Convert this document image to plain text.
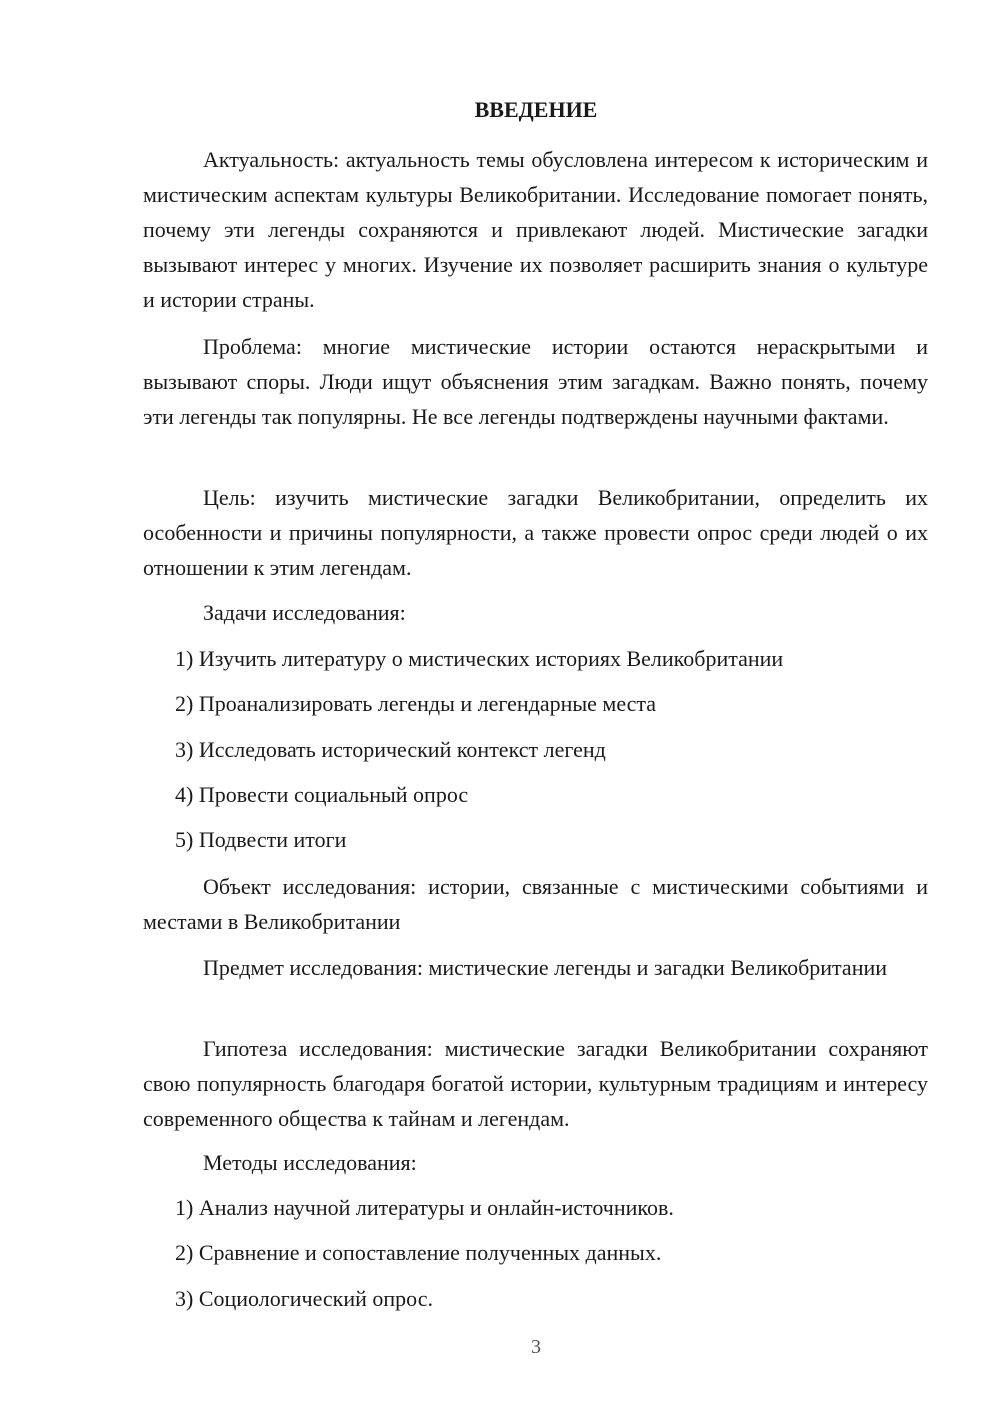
ВВЕДЕНИЕ

Актуальность: актуальность темы обусловлена интересом к историческим и мистическим аспектам культуры Великобритании. Исследование помогает понять, почему эти легенды сохраняются и привлекают людей. Мистические загадки вызывают интерес у многих. Изучение их позволяет расширить знания о культуре и истории страны.

Проблема: многие мистические истории остаются нераскрытыми и вызывают споры. Люди ищут объяснения этим загадкам. Важно понять, почему эти легенды так популярны. Не все легенды подтверждены научными фактами.

Цель: изучить мистические загадки Великобритании, определить их особенности и причины популярности, а также провести опрос среди людей о их отношении к этим легендам.

Задачи исследования:

1) Изучить литературу о мистических историях Великобритании

2) Проанализировать легенды и легендарные места

3) Исследовать исторический контекст легенд

4) Провести социальный опрос

5) Подвести итоги

Объект исследования: истории, связанные с мистическими событиями и местами в Великобритании

Предмет исследования: мистические легенды и загадки Великобритании

Гипотеза исследования: мистические загадки Великобритании сохраняют свою популярность благодаря богатой истории, культурным традициям и интересу современного общества к тайнам и легендам.

Методы исследования:

1) Анализ научной литературы и онлайн-источников.

2) Сравнение и сопоставление полученных данных.

3) Социологический опрос.

3
